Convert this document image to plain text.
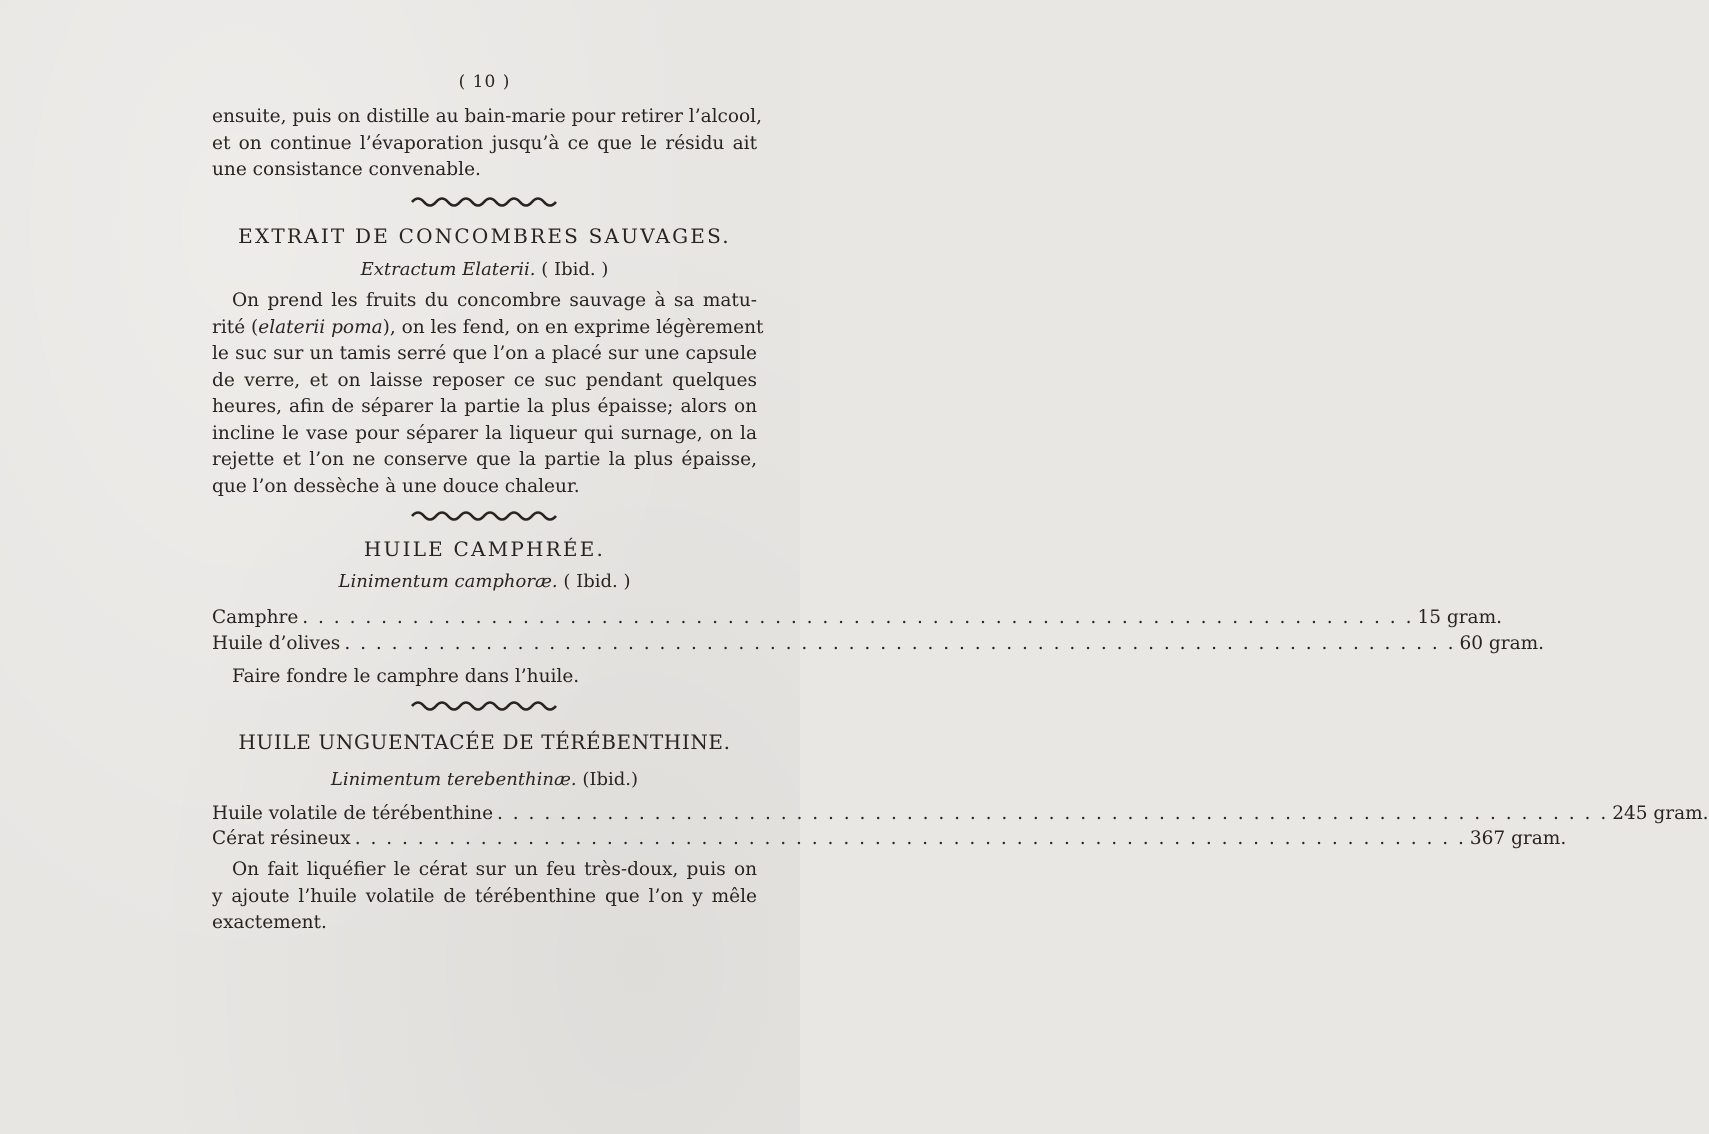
( 10 )
ensuite, puis on distille au bain-marie pour retirer l’alcool,
et on continue l’évaporation jusqu’à ce que le résidu ait
une consistance convenable.
EXTRAIT DE CONCOMBRES SAUVAGES.
Extractum Elaterii. ( Ibid. )
On prend les fruits du concombre sauvage à sa matu-
rité (elaterii poma), on les fend, on en exprime légèrement
le suc sur un tamis serré que l’on a placé sur une capsule
de verre, et on laisse reposer ce suc pendant quelques
heures, afin de séparer la partie la plus épaisse; alors on
incline le vase pour séparer la liqueur qui surnage, on la
rejette et l’on ne conserve que la partie la plus épaisse,
que l’on dessèche à une douce chaleur.
HUILE CAMPHRÉE.
Linimentum camphoræ. ( Ibid. )
Camphre . . . . . . . . . . . . . . . . . . . . . . . . . . . . . . . . . . . . . . . . . . . . . . . . . . . . . . . . . . . . . . . . . . . . . . . 15 gram.
Huile d’olives . . . . . . . . . . . . . . . . . . . . . . . . . . . . . . . . . . . . . . . . . . . . . . . . . . . . . . . . . . . . . . . . . . . . . . . 60 gram.
Faire fondre le camphre dans l’huile.
HUILE UNGUENTACÉE DE TÉRÉBENTHINE.
Linimentum terebenthinæ. (Ibid.)
Huile volatile de térébenthine . . . . . . . . . . . . . . . . . . . . . . . . . . . . . . . . . . . . . . . . . . . . . . . . . . . . . . . . . . . . . . . . . . . . . . . 245 gram.
Cérat résineux . . . . . . . . . . . . . . . . . . . . . . . . . . . . . . . . . . . . . . . . . . . . . . . . . . . . . . . . . . . . . . . . . . . . . . . 367 gram.
On fait liquéfier le cérat sur un feu très-doux, puis on
y ajoute l’huile volatile de térébenthine que l’on y mêle
exactement.
